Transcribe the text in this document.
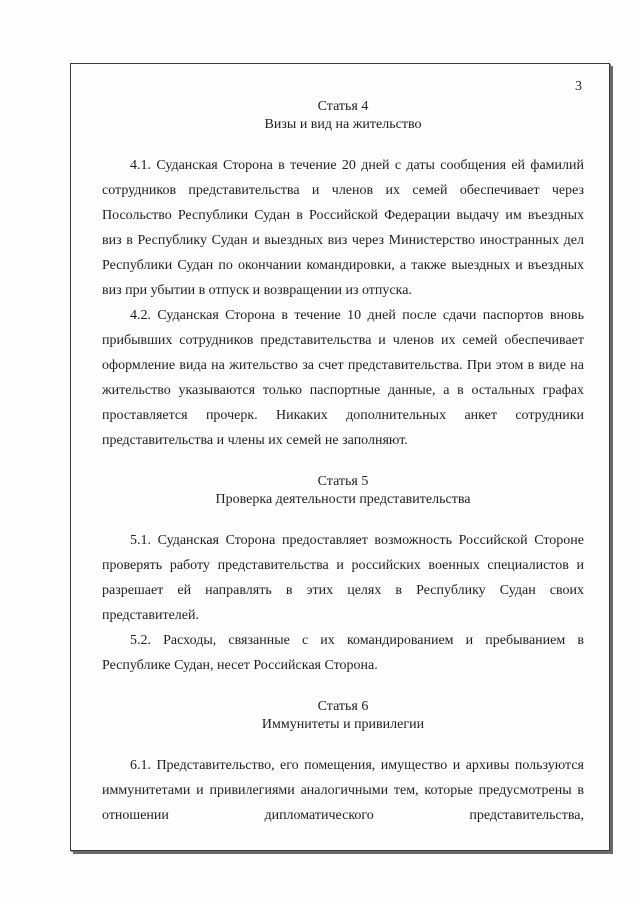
3
Статья 4
Визы и вид на жительство

4.1. Суданская Сторона в течение 20 дней с даты сообщения ей фамилий сотрудников представительства и членов их семей обеспечивает через Посольство Республики Судан в Российской Федерации выдачу им въездных виз в Республику Судан и выездных виз через Министерство иностранных дел Республики Судан по окончании командировки, а также выездных и въездных виз при убытии в отпуск и возвращении из отпуска.

4.2. Суданская Сторона в течение 10 дней после сдачи паспортов вновь прибывших сотрудников представительства и членов их семей обеспечивает оформление вида на жительство за счет представительства. При этом в виде на жительство указываются только паспортные данные, а в остальных графах проставляется прочерк. Никаких дополнительных анкет сотрудники представительства и члены их семей не заполняют.

Статья 5
Проверка деятельности представительства

5.1. Суданская Сторона предоставляет возможность Российской Стороне проверять работу представительства и российских военных специалистов и разрешает ей направлять в этих целях в Республику Судан своих представителей.

5.2. Расходы, связанные с их командированием и пребыванием в Республике Судан, несет Российская Сторона.

Статья 6
Иммунитеты и привилегии

6.1. Представительство, его помещения, имущество и архивы пользуются иммунитетами и привилегиями аналогичными тем, которые предусмотрены в отношении дипломатического представительства,
